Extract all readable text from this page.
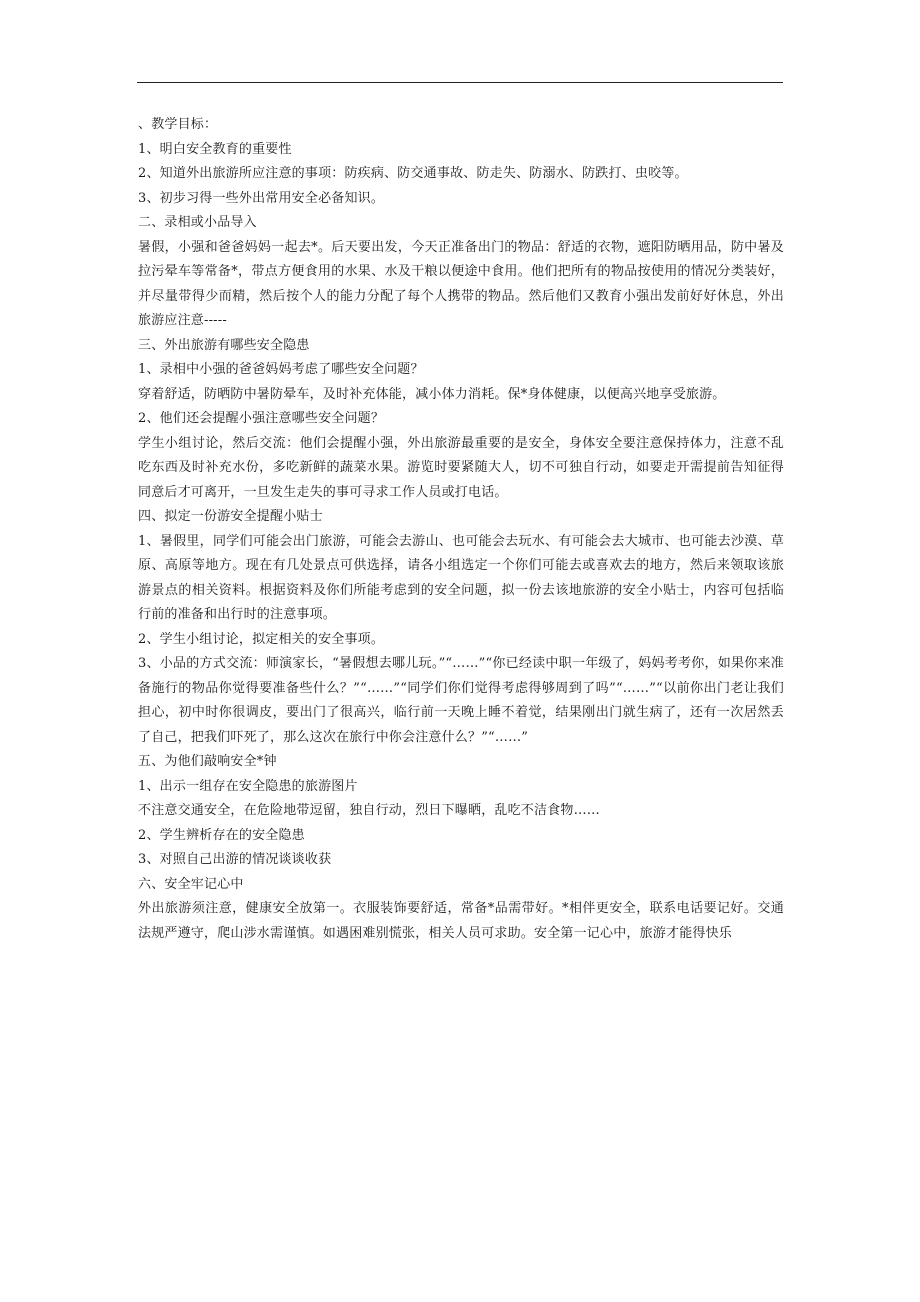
、教学目标：

1、明白安全教育的重要性

2、知道外出旅游所应注意的事项：防疾病、防交通事故、防走失、防溺水、防跌打、虫咬等。

3、初步习得一些外出常用安全必备知识。

二、录相或小品导入

暑假，小强和爸爸妈妈一起去*。后天要出发，今天正准备出门的物品：舒适的衣物，遮阳防晒用品，防中暑及拉污晕车等常备*，带点方便食用的水果、水及干粮以便途中食用。他们把所有的物品按使用的情况分类装好，并尽量带得少而精，然后按个人的能力分配了每个人携带的物品。然后他们又教育小强出发前好好休息，外出旅游应注意-----

三、外出旅游有哪些安全隐患

1、录相中小强的爸爸妈妈考虑了哪些安全问题？

穿着舒适，防晒防中暑防晕车，及时补充体能，减小体力消耗。保*身体健康，以便高兴地享受旅游。

2、他们还会提醒小强注意哪些安全问题？

学生小组讨论，然后交流：他们会提醒小强，外出旅游最重要的是安全，身体安全要注意保持体力，注意不乱吃东西及时补充水份，多吃新鲜的蔬菜水果。游览时要紧随大人，切不可独自行动，如要走开需提前告知征得同意后才可离开，一旦发生走失的事可寻求工作人员或打电话。

四、拟定一份游安全提醒小贴士

1、暑假里，同学们可能会出门旅游，可能会去游山、也可能会去玩水、有可能会去大城市、也可能去沙漠、草原、高原等地方。现在有几处景点可供选择，请各小组选定一个你们可能去或喜欢去的地方，然后来领取该旅游景点的相关资料。根据资料及你们所能考虑到的安全问题，拟一份去该地旅游的安全小贴士，内容可包括临行前的准备和出行时的注意事项。

2、学生小组讨论，拟定相关的安全事项。

3、小品的方式交流：师演家长，“暑假想去哪儿玩。”“……”“你已经读中职一年级了，妈妈考考你，如果你来准备施行的物品你觉得要准备些什么？”“……”“同学们你们觉得考虑得够周到了吗”“……”“以前你出门老让我们担心，初中时你很调皮，要出门了很高兴，临行前一天晚上睡不着觉，结果刚出门就生病了，还有一次居然丢了自己，把我们吓死了，那么这次在旅行中你会注意什么？”“……”

五、为他们敲响安全*钟

1、出示一组存在安全隐患的旅游图片

不注意交通安全，在危险地带逗留，独自行动，烈日下曝晒，乱吃不洁食物……

2、学生辨析存在的安全隐患

3、对照自己出游的情况谈谈收获

六、安全牢记心中

外出旅游须注意，健康安全放第一。衣服装饰要舒适，常备*品需带好。*相伴更安全，联系电话要记好。交通法规严遵守，爬山涉水需谨慎。如遇困难别慌张，相关人员可求助。安全第一记心中，旅游才能得快乐
